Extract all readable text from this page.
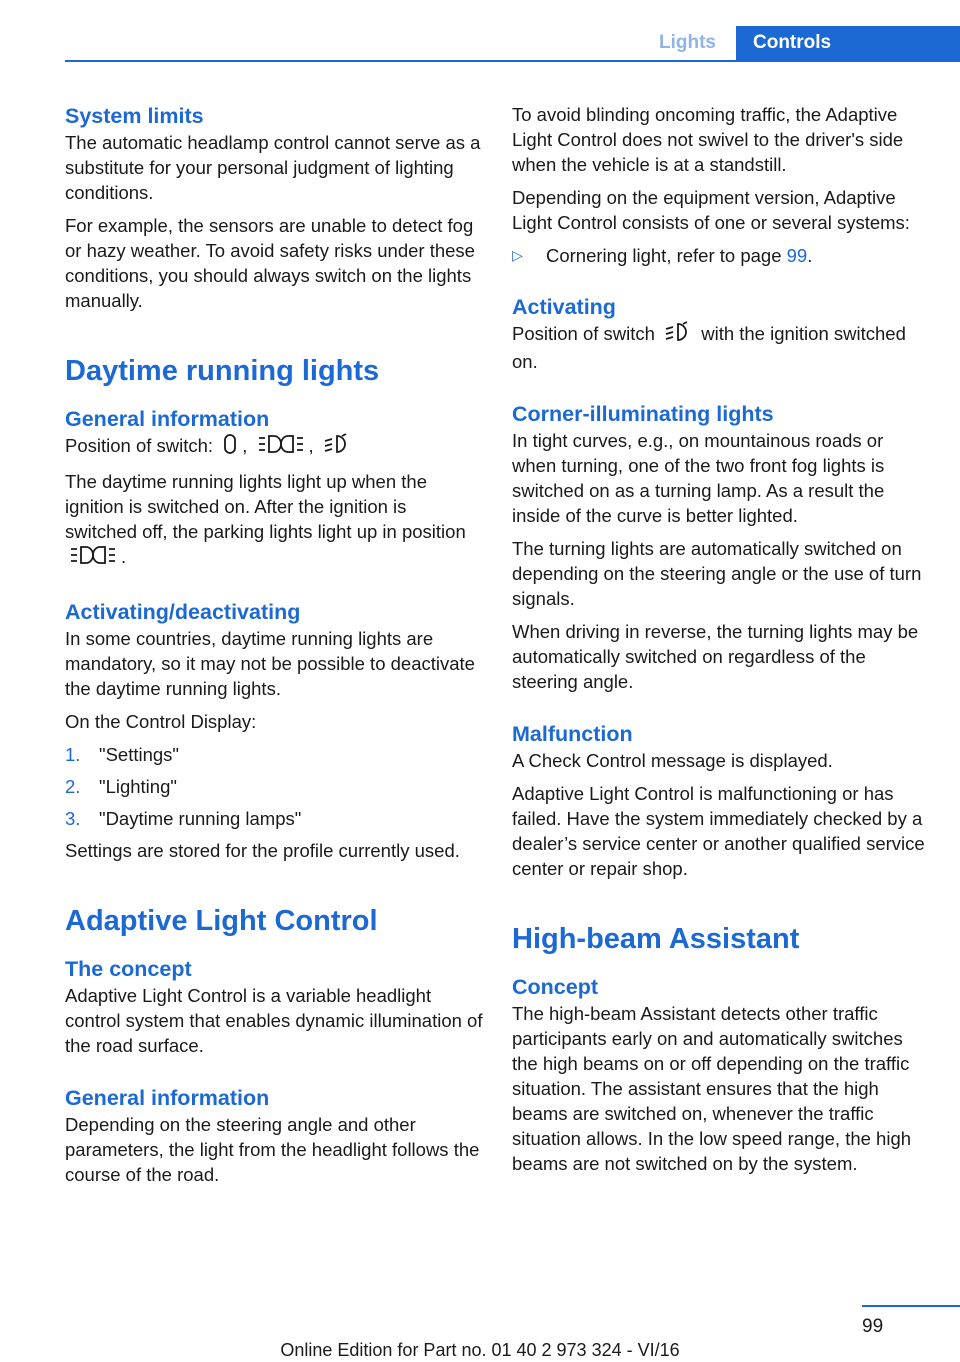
Lights	Controls
System limits

The automatic headlamp control cannot serve as a substitute for your personal judgment of lighting conditions.

For example, the sensors are unable to detect fog or hazy weather. To avoid safety risks under these conditions, you should always switch on the lights manually.

Daytime running lights
General information

Position of switch: ,	,

The daytime running lights light up when the ignition is switched on. After the ignition is switched off, the parking lights light up in position .

Activating/deactivating

In some countries, daytime running lights are mandatory, so it may not be possible to deactivate the daytime running lights.

On the Control Display:

1.	"Settings"
2.	"Lighting"
3.	"Daytime running lamps"

Settings are stored for the profile currently used.

Adaptive Light Control
The concept

Adaptive Light Control is a variable headlight control system that enables dynamic illumination of the road surface.

General information

Depending on the steering angle and other parameters, the light from the headlight follows the course of the road.

To avoid blinding oncoming traffic, the Adaptive Light Control does not swivel to the driver's side when the vehicle is at a standstill.

Depending on the equipment version, Adaptive Light Control consists of one or several systems:

▷	Cornering light, refer to page 99.
Activating

Position of switch	with the ignition switched on.

Corner-illuminating lights

In tight curves, e.g., on mountainous roads or when turning, one of the two front fog lights is switched on as a turning lamp. As a result the inside of the curve is better lighted.

The turning lights are automatically switched on depending on the steering angle or the use of turn signals.

When driving in reverse, the turning lights may be automatically switched on regardless of the steering angle.

Malfunction

A Check Control message is displayed.

Adaptive Light Control is malfunctioning or has failed. Have the system immediately checked by a dealer’s service center or another qualified service center or repair shop.

High-beam Assistant
Concept

The high-beam Assistant detects other traffic participants early on and automatically switches the high beams on or off depending on the traffic situation. The assistant ensures that the high beams are switched on, whenever the traffic situation allows. In the low speed range, the high beams are not switched on by the system.

99
Online Edition for Part no. 01 40 2 973 324 - VI/16
